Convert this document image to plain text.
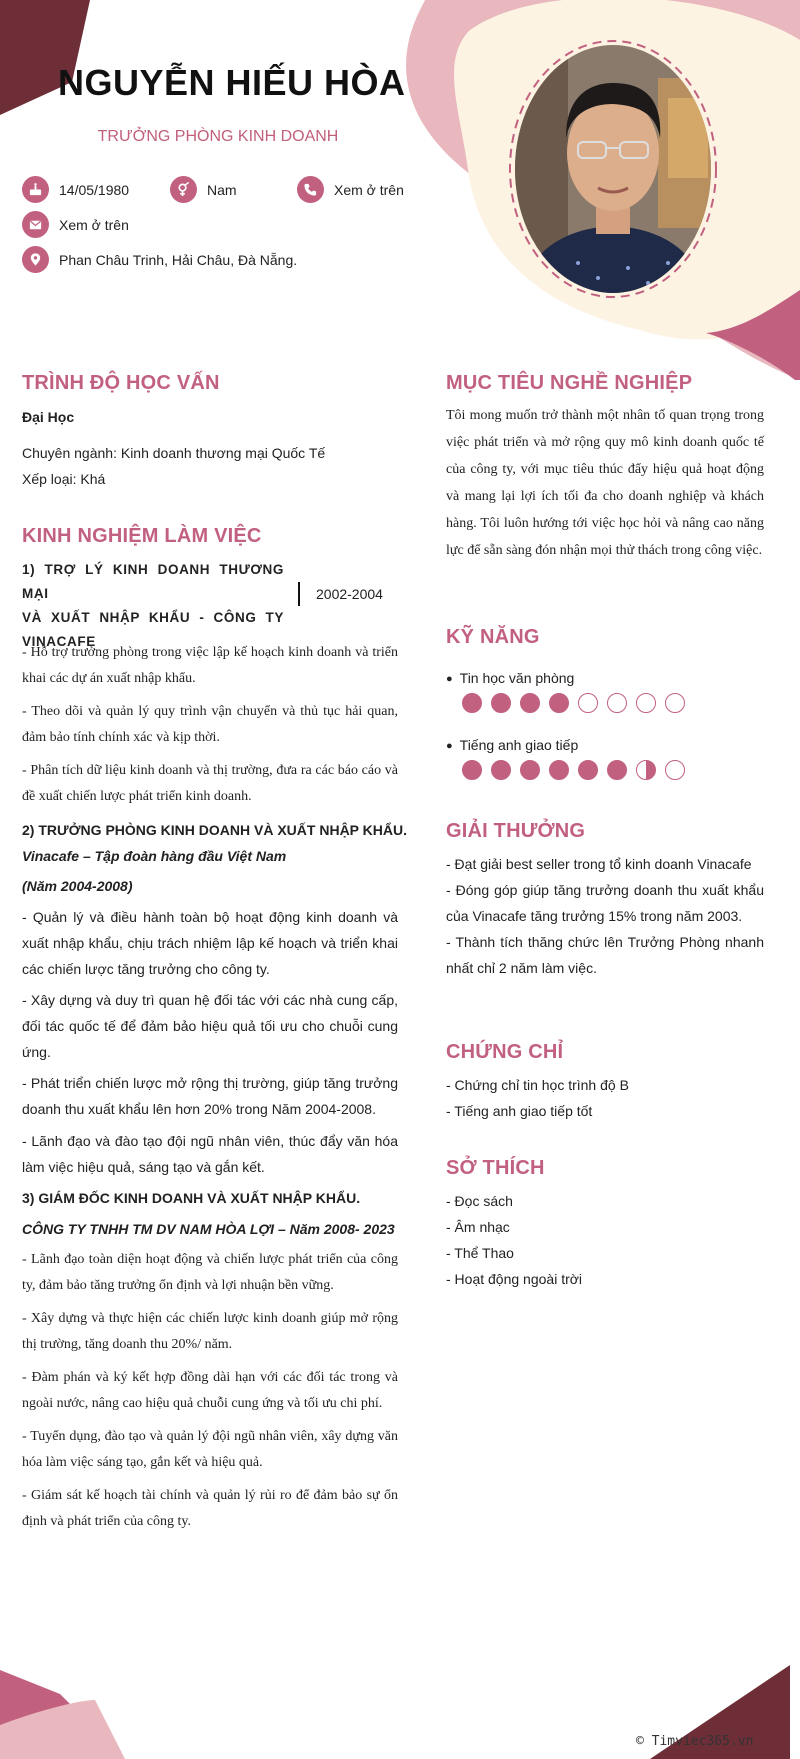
NGUYỄN HIẾU HÒA
TRƯỞNG PHÒNG KINH DOANH
14/05/1980	Nam	Xem ở trên
Xem ở trên
Phan Châu Trinh, Hải Châu, Đà Nẵng.
TRÌNH ĐỘ HỌC VẤN
Đại Học
Chuyên ngành: Kinh doanh thương mại Quốc Tế
Xếp loại: Khá
KINH NGHIỆM LÀM VIỆC
1) TRỢ LÝ KINH DOANH THƯƠNG MẠI
VÀ XUẤT NHẬP KHẨU - CÔNG TY
VINACAFE
2002-2004
- Hỗ trợ trưởng phòng trong việc lập kế hoạch kinh doanh và triển khai các dự án xuất nhập khẩu.
- Theo dõi và quản lý quy trình vận chuyển và thủ tục hải quan, đảm bảo tính chính xác và kịp thời.
- Phân tích dữ liệu kinh doanh và thị trường, đưa ra các báo cáo và đề xuất chiến lược phát triển kinh doanh.
2) TRƯỞNG PHÒNG KINH DOANH VÀ XUẤT NHẬP KHẨU.
Vinacafe – Tập đoàn hàng đầu Việt Nam
(Năm 2004-2008)
- Quản lý và điều hành toàn bộ hoạt động kinh doanh và xuất nhập khẩu, chịu trách nhiệm lập kế hoạch và triển khai các chiến lược tăng trưởng cho công ty.
- Xây dựng và duy trì quan hệ đối tác với các nhà cung cấp, đối tác quốc tế để đảm bảo hiệu quả tối ưu cho chuỗi cung ứng.
- Phát triển chiến lược mở rộng thị trường, giúp tăng trưởng doanh thu xuất khẩu lên hơn 20% trong Năm 2004-2008.
- Lãnh đạo và đào tạo đội ngũ nhân viên, thúc đẩy văn hóa làm việc hiệu quả, sáng tạo và gắn kết.
3) GIÁM ĐỐC KINH DOANH VÀ XUẤT NHẬP KHẨU.
CÔNG TY TNHH TM DV NAM HÒA LỢI – Năm 2008- 2023
- Lãnh đạo toàn diện hoạt động và chiến lược phát triển của công ty, đảm bảo tăng trưởng ổn định và lợi nhuận bền vững.
- Xây dựng và thực hiện các chiến lược kinh doanh giúp mở rộng thị trường, tăng doanh thu 20%/ năm.
- Đàm phán và ký kết hợp đồng dài hạn với các đối tác trong và ngoài nước, nâng cao hiệu quả chuỗi cung ứng và tối ưu chi phí.
- Tuyển dụng, đào tạo và quản lý đội ngũ nhân viên, xây dựng văn hóa làm việc sáng tạo, gắn kết và hiệu quả.
- Giám sát kế hoạch tài chính và quản lý rủi ro để đảm bảo sự ổn định và phát triển của công ty.
MỤC TIÊU NGHỀ NGHIỆP
Tôi mong muốn trở thành một nhân tố quan trọng trong việc phát triển và mở rộng quy mô kinh doanh quốc tế của công ty, với mục tiêu thúc đẩy hiệu quả hoạt động và mang lại lợi ích tối đa cho doanh nghiệp và khách hàng. Tôi luôn hướng tới việc học hỏi và nâng cao năng lực để sẵn sàng đón nhận mọi thử thách trong công việc.
KỸ NĂNG
● Tin học văn phòng
● Tiếng anh giao tiếp
GIẢI THƯỞNG
- Đạt giải best seller trong tổ kinh doanh Vinacafe
- Đóng góp giúp tăng trưởng doanh thu xuất khẩu của Vinacafe tăng trưởng 15% trong năm 2003.
- Thành tích thăng chức lên Trưởng Phòng nhanh nhất chỉ 2 năm làm việc.
CHỨNG CHỈ
- Chứng chỉ tin học trình độ B
- Tiếng anh giao tiếp tốt
SỞ THÍCH
- Đọc sách
- Âm nhạc
- Thể Thao
- Hoạt động ngoài trời
© Timviec365.vn
